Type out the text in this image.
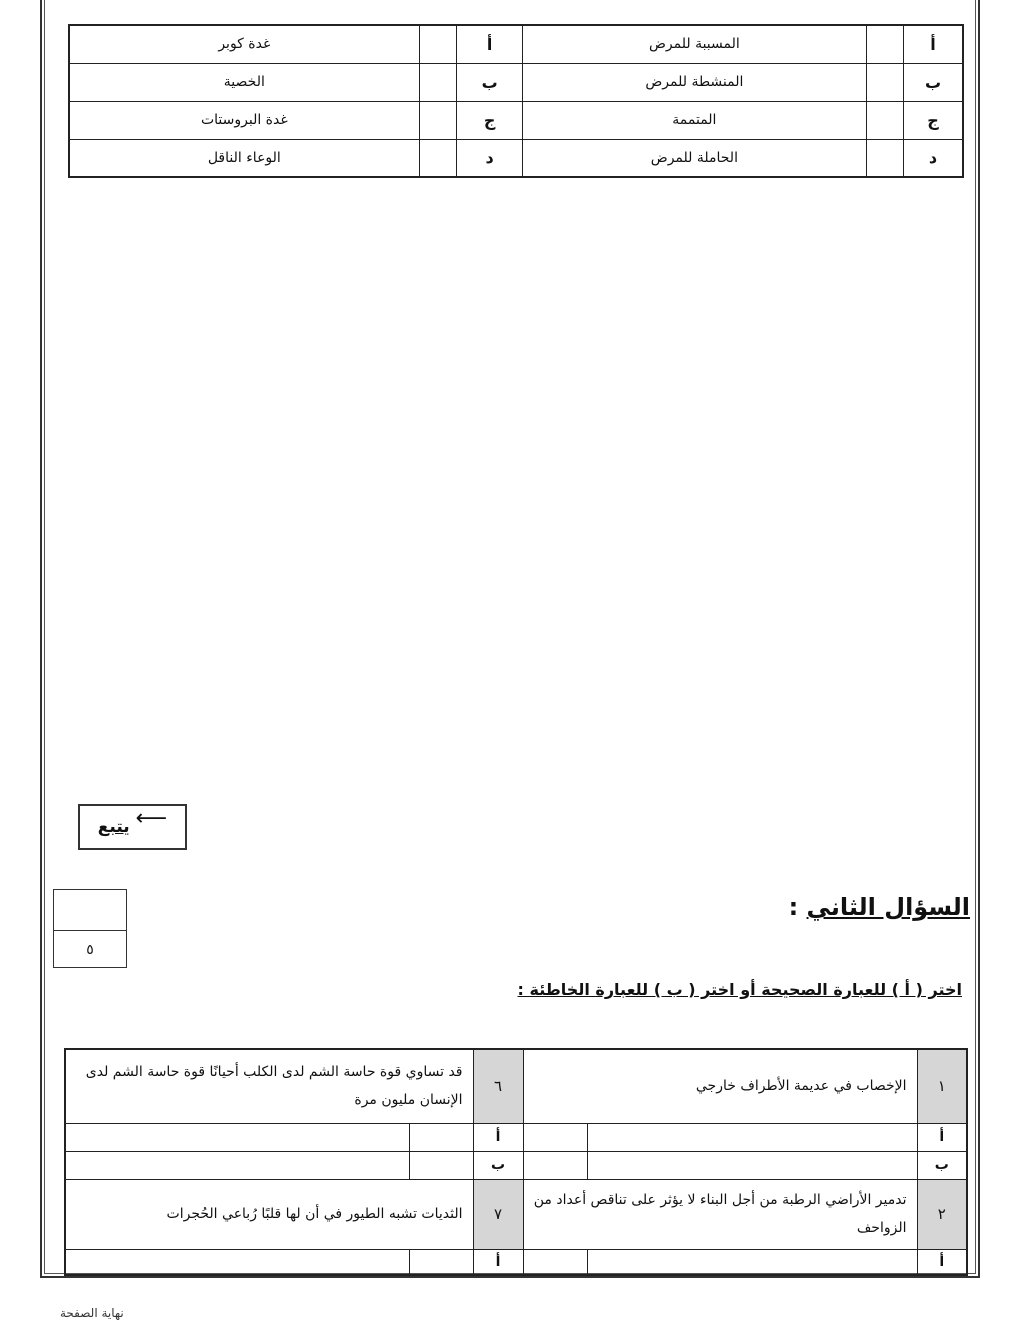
أ		المسببة للمرض	أ		غدة كوبر
ب		المنشطة للمرض	ب		الخصية
ج		المتممة	ج		غدة البروستات
د		الحاملة للمرض	د		الوعاء الناقل
يتبع ⟵
٥
السؤال الثاني :
اختر ( أ ) للعبارة الصحيحة أو اختر ( ب ) للعبارة الخاطئة :
١	الإخصاب في عديمة الأطراف خارجي		٦	قد تساوي قوة حاسة الشم لدى الكلب أحيانًا قوة حاسة الشم لدى الإنسان مليون مرة	
أ			أ		
ب			ب		
٢	تدمير الأراضي الرطبة من أجل البناء لا يؤثر على تناقص أعداد من الزواحف		٧	الثديات تشبه الطيور في أن لها قلبًا رُباعي الحُجرات	
أ			أ		
نهاية الصفحة
